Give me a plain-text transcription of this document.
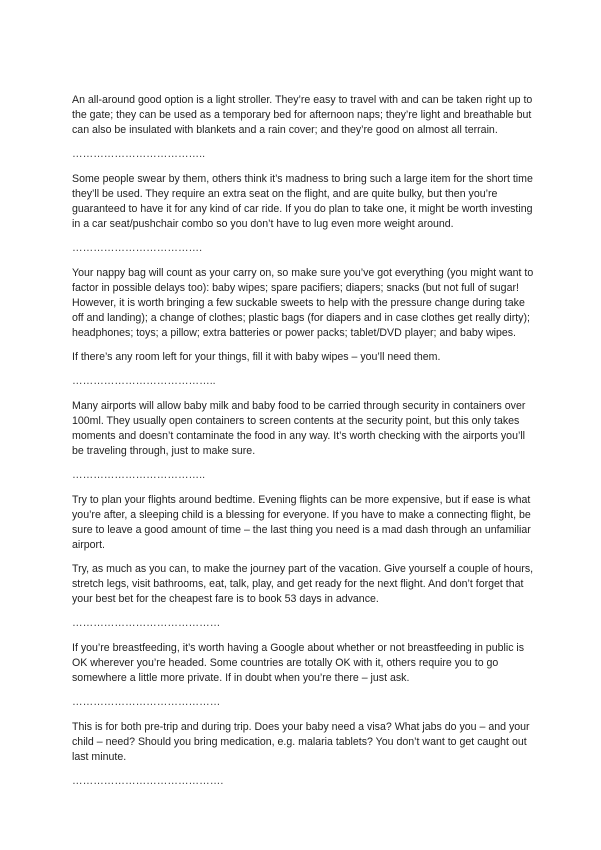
An all-around good option is a light stroller. They’re easy to travel with and can be taken right up to the gate; they can be used as a temporary bed for afternoon naps; they’re light and breathable but can also be insulated with blankets and a rain cover; and they’re good on almost all terrain.

………………………………..

Some people swear by them, others think it’s madness to bring such a large item for the short time they’ll be used. They require an extra seat on the flight, and are quite bulky, but then you’re guaranteed to have it for any kind of car ride. If you do plan to take one, it might be worth investing in a car seat/pushchair combo so you don’t have to lug even more weight around.

……………………………….

Your nappy bag will count as your carry on, so make sure you’ve got everything (you might want to factor in possible delays too): baby wipes; spare pacifiers; diapers; snacks (but not full of sugar! However, it is worth bringing a few suckable sweets to help with the pressure change during take off and landing); a change of clothes; plastic bags (for diapers and in case clothes get really dirty); headphones; toys; a pillow; extra batteries or power packs; tablet/DVD player; and baby wipes.

If there’s any room left for your things, fill it with baby wipes – you’ll need them.

…………………………………..

Many airports will allow baby milk and baby food to be carried through security in containers over 100ml. They usually open containers to screen contents at the security point, but this only takes moments and doesn’t contaminate the food in any way. It’s worth checking with the airports you’ll be traveling through, just to make sure.

………………………………..

Try to plan your flights around bedtime. Evening flights can be more expensive, but if ease is what you’re after, a sleeping child is a blessing for everyone. If you have to make a connecting flight, be sure to leave a good amount of time – the last thing you need is a mad dash through an unfamiliar airport.

Try, as much as you can, to make the journey part of the vacation. Give yourself a couple of hours, stretch legs, visit bathrooms, eat, talk, play, and get ready for the next flight. And don’t forget that your best bet for the cheapest fare is to book 53 days in advance.

……………………………………

If you’re breastfeeding, it’s worth having a Google about whether or not breastfeeding in public is OK wherever you’re headed. Some countries are totally OK with it, others require you to go somewhere a little more private. If in doubt when you’re there – just ask.

……………………………………

This is for both pre-trip and during trip. Does your baby need a visa? What jabs do you – and your child – need? Should you bring medication, e.g. malaria tablets? You don’t want to get caught out last minute.

…………………………………….
